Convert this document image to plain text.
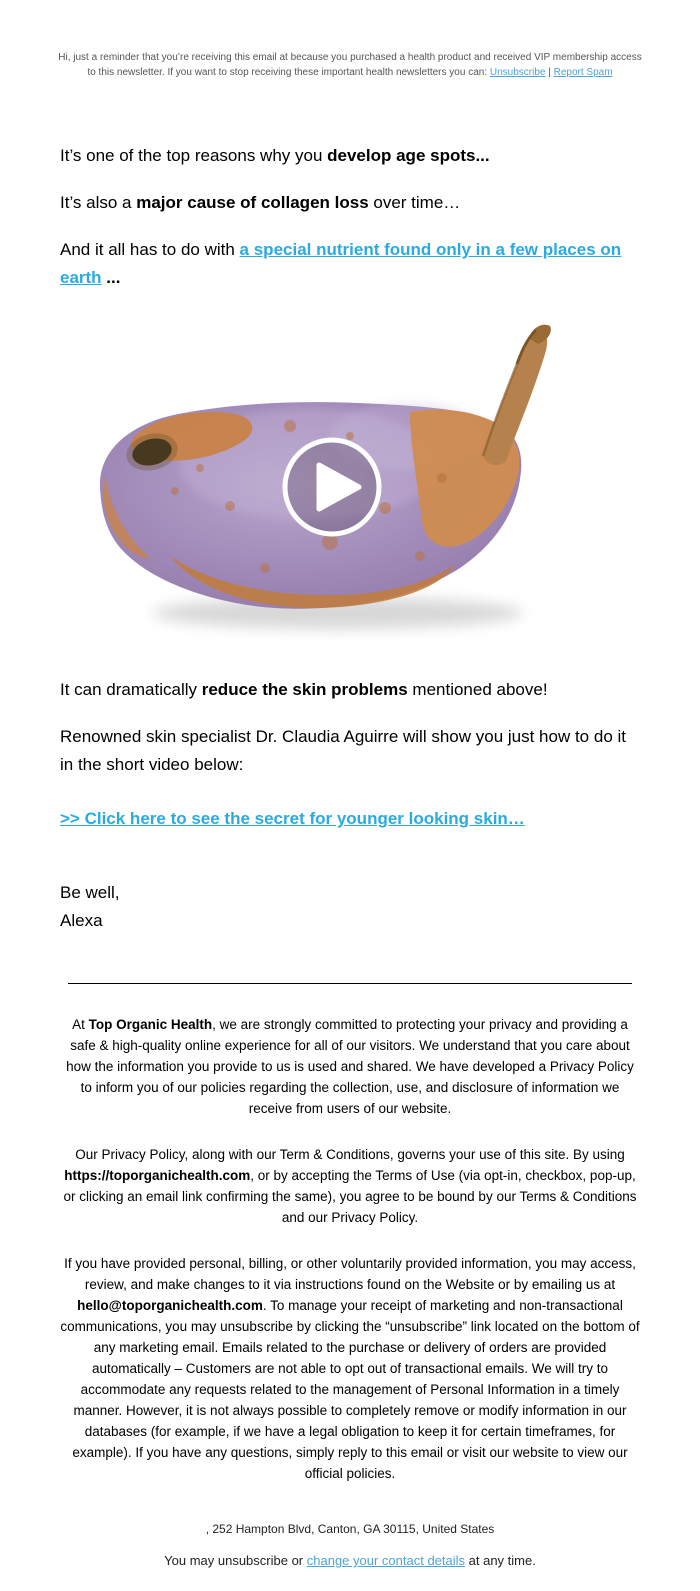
Hi, just a reminder that you’re receiving this email at because you purchased a health product and received VIP membership access to this newsletter. If you want to stop receiving these important health newsletters you can: Unsubscribe | Report Spam

It’s one of the top reasons why you develop age spots...

It’s also a major cause of collagen loss over time…

And it all has to do with a special nutrient found only in a few places on earth ...

It can dramatically reduce the skin problems mentioned above!

Renowned skin specialist Dr. Claudia Aguirre will show you just how to do it in the short video below:

>> Click here to see the secret for younger looking skin…

Be well,
Alexa

At Top Organic Health, we are strongly committed to protecting your privacy and providing a safe & high-quality online experience for all of our visitors. We understand that you care about how the information you provide to us is used and shared. We have developed a Privacy Policy to inform you of our policies regarding the collection, use, and disclosure of information we receive from users of our website.

Our Privacy Policy, along with our Term & Conditions, governs your use of this site. By using https://toporganichealth.com, or by accepting the Terms of Use (via opt-in, checkbox, pop-up, or clicking an email link confirming the same), you agree to be bound by our Terms & Conditions and our Privacy Policy.

If you have provided personal, billing, or other voluntarily provided information, you may access, review, and make changes to it via instructions found on the Website or by emailing us at hello@toporganichealth.com. To manage your receipt of marketing and non-transactional communications, you may unsubscribe by clicking the “unsubscribe” link located on the bottom of any marketing email. Emails related to the purchase or delivery of orders are provided automatically – Customers are not able to opt out of transactional emails. We will try to accommodate any requests related to the management of Personal Information in a timely manner. However, it is not always possible to completely remove or modify information in our databases (for example, if we have a legal obligation to keep it for certain timeframes, for example). If you have any questions, simply reply to this email or visit our website to view our official policies.

, 252 Hampton Blvd, Canton, GA 30115, United States

You may unsubscribe or change your contact details at any time.
